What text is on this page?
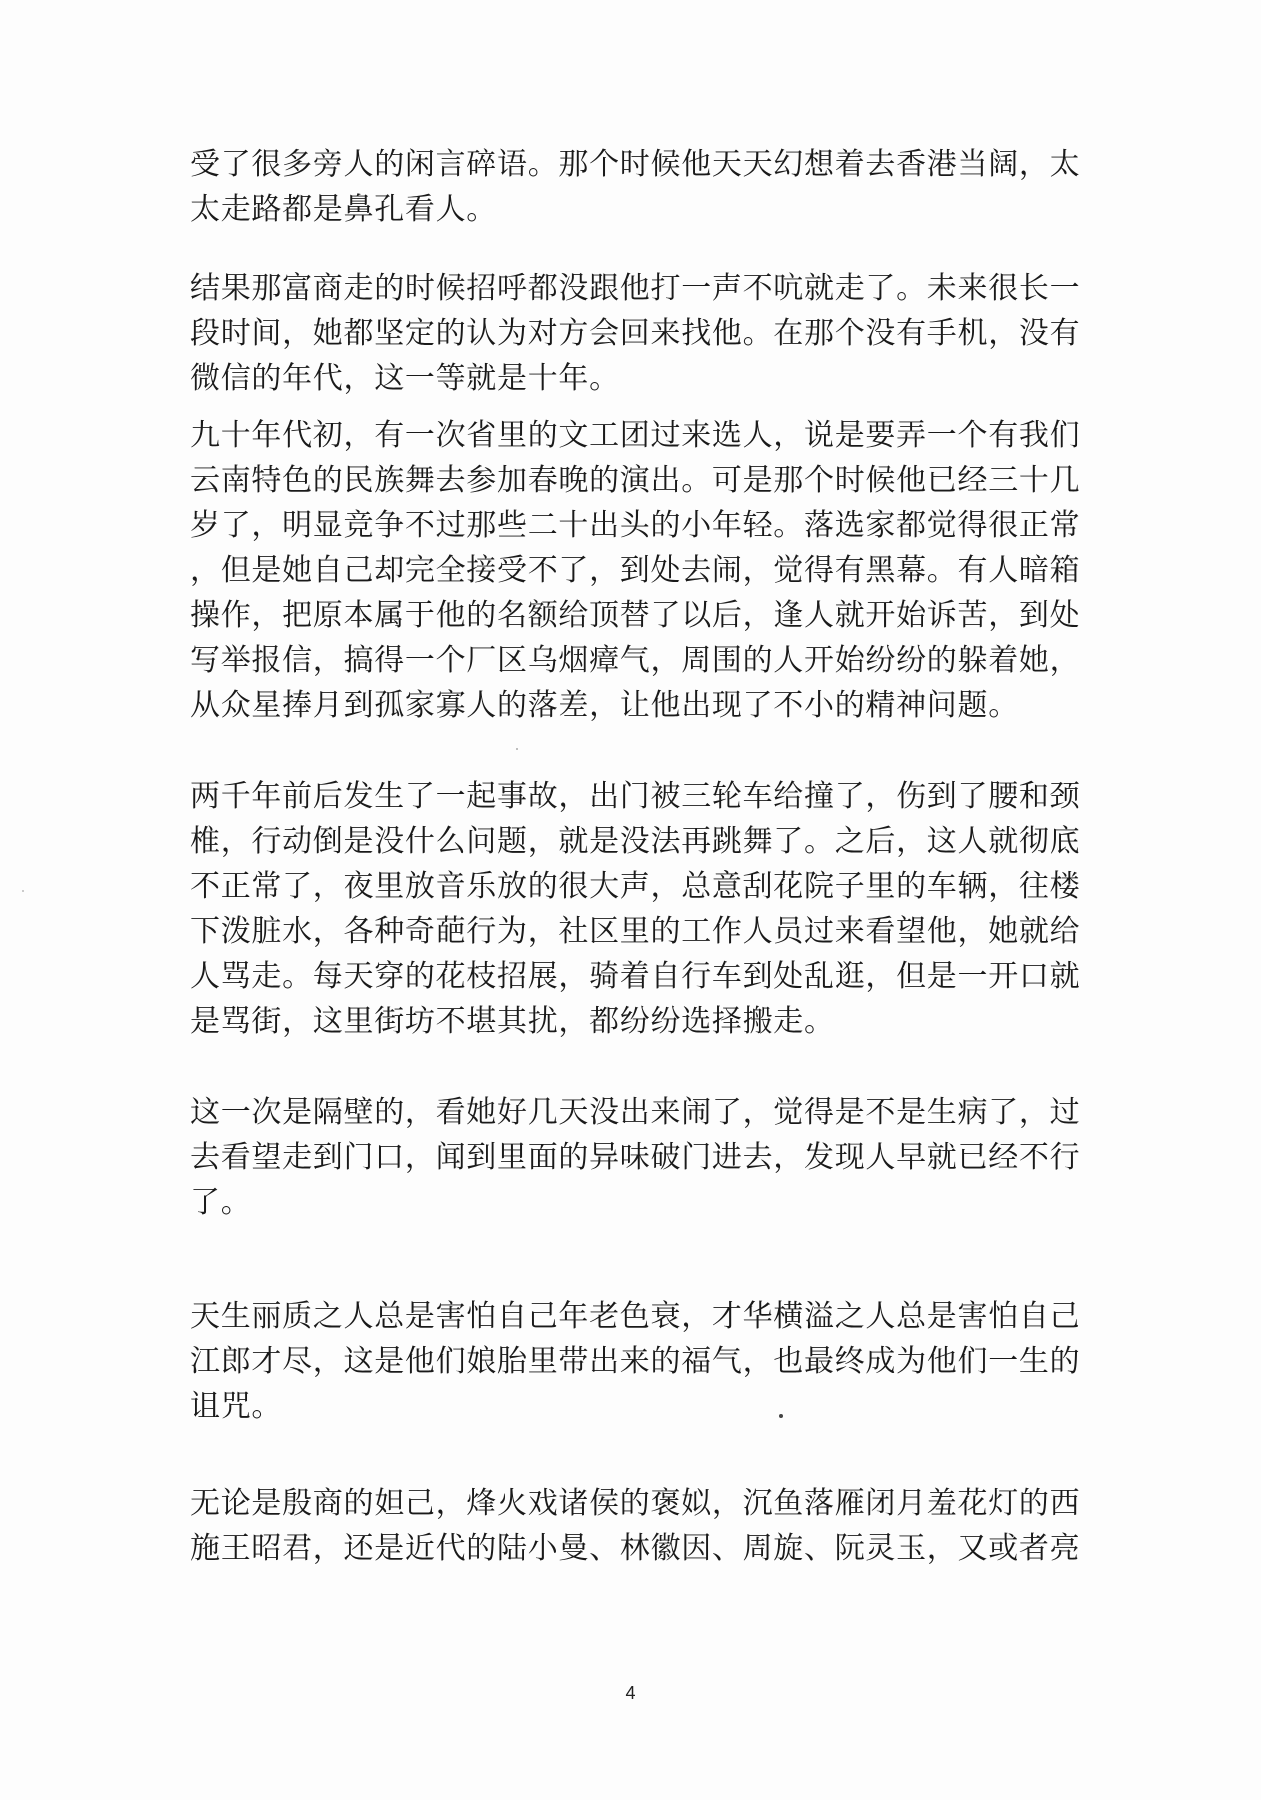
受了很多旁人的闲言碎语。那个时候他天天幻想着去香港当阔，太
太走路都是鼻孔看人。
结果那富商走的时候招呼都没跟他打一声不吭就走了。未来很长一
段时间，她都坚定的认为对方会回来找他。在那个没有手机，没有
微信的年代，这一等就是十年。
九十年代初，有一次省里的文工团过来选人，说是要弄一个有我们
云南特色的民族舞去参加春晚的演出。可是那个时候他已经三十几
岁了，明显竞争不过那些二十出头的小年轻。落选家都觉得很正常
，但是她自己却完全接受不了，到处去闹，觉得有黑幕。有人暗箱
操作，把原本属于他的名额给顶替了以后，逢人就开始诉苦，到处
写举报信，搞得一个厂区乌烟瘴气，周围的人开始纷纷的躲着她，
从众星捧月到孤家寡人的落差，让他出现了不小的精神问题。
两千年前后发生了一起事故，出门被三轮车给撞了，伤到了腰和颈
椎，行动倒是没什么问题，就是没法再跳舞了。之后，这人就彻底
不正常了，夜里放音乐放的很大声，总意刮花院子里的车辆，往楼
下泼脏水，各种奇葩行为，社区里的工作人员过来看望他，她就给
人骂走。每天穿的花枝招展，骑着自行车到处乱逛，但是一开口就
是骂街，这里街坊不堪其扰，都纷纷选择搬走。
这一次是隔壁的，看她好几天没出来闹了，觉得是不是生病了，过
去看望走到门口，闻到里面的异味破门进去，发现人早就已经不行
了。
天生丽质之人总是害怕自己年老色衰，才华横溢之人总是害怕自己
江郎才尽，这是他们娘胎里带出来的福气，也最终成为他们一生的
诅咒。
无论是殷商的妲己，烽火戏诸侯的褒姒，沉鱼落雁闭月羞花灯的西
施王昭君，还是近代的陆小曼、林徽因、周旋、阮灵玉，又或者亮
4
